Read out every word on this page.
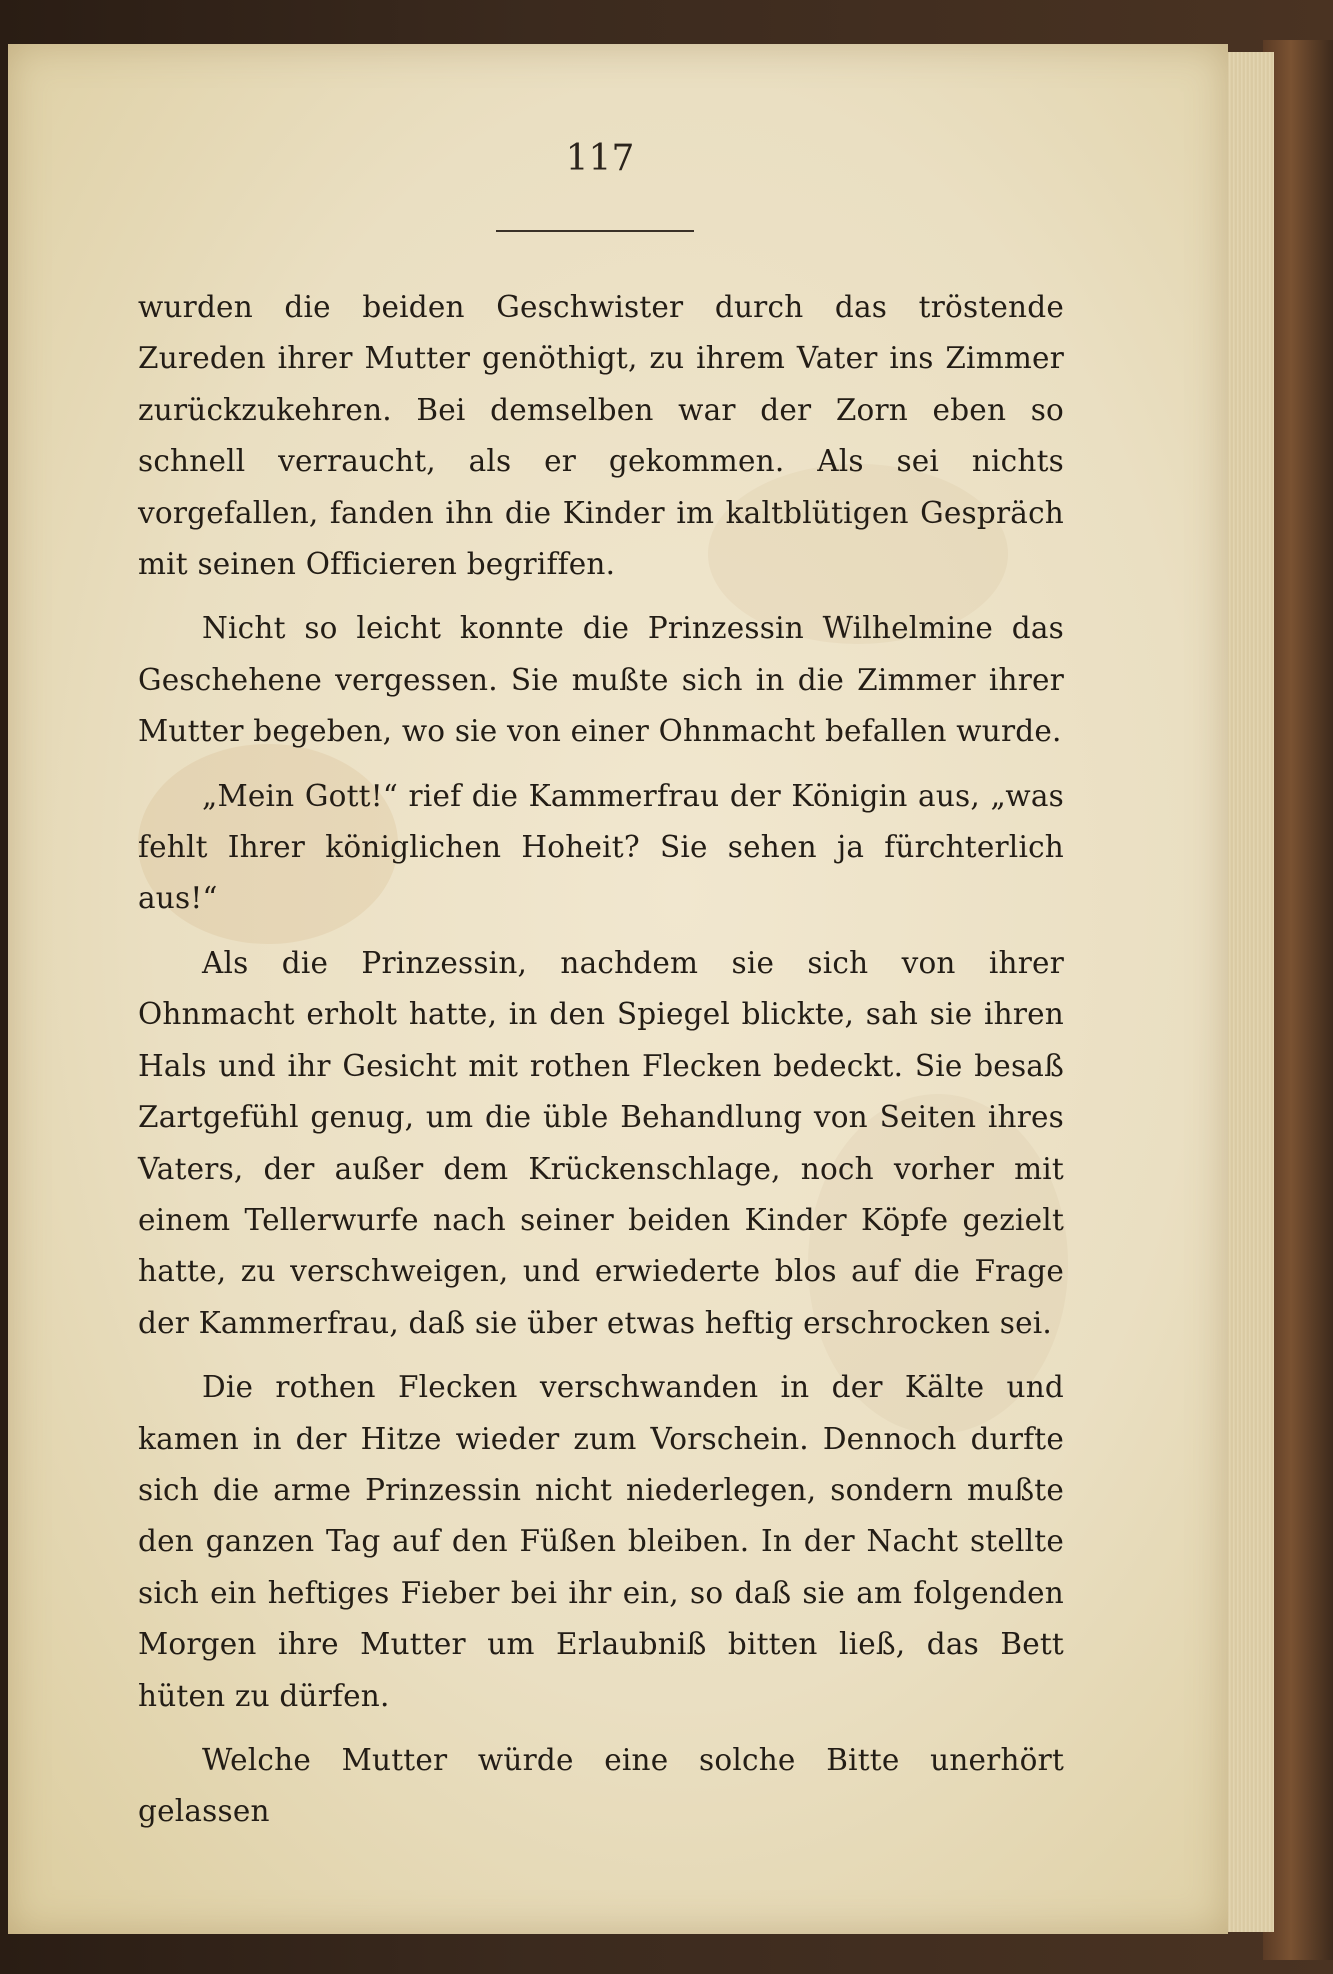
117

wurden die beiden Geschwister durch das tröstende Zureden ihrer Mutter genöthigt, zu ihrem Vater ins Zimmer zurückzukehren. Bei demselben war der Zorn eben so schnell verraucht, als er gekommen. Als sei nichts vorgefallen, fanden ihn die Kinder im kaltblütigen Gespräch mit seinen Officieren begriffen.

Nicht so leicht konnte die Prinzessin Wilhelmine das Geschehene vergessen. Sie mußte sich in die Zimmer ihrer Mutter begeben, wo sie von einer Ohnmacht befallen wurde.

„Mein Gott!“ rief die Kammerfrau der Königin aus, „was fehlt Ihrer königlichen Hoheit? Sie sehen ja fürchterlich aus!“

Als die Prinzessin, nachdem sie sich von ihrer Ohnmacht erholt hatte, in den Spiegel blickte, sah sie ihren Hals und ihr Gesicht mit rothen Flecken bedeckt. Sie besaß Zartgefühl genug, um die üble Behandlung von Seiten ihres Vaters, der außer dem Krückenschlage, noch vorher mit einem Tellerwurfe nach seiner beiden Kinder Köpfe gezielt hatte, zu verschweigen, und erwiederte blos auf die Frage der Kammerfrau, daß sie über etwas heftig erschrocken sei.

Die rothen Flecken verschwanden in der Kälte und kamen in der Hitze wieder zum Vorschein. Dennoch durfte sich die arme Prinzessin nicht niederlegen, sondern mußte den ganzen Tag auf den Füßen bleiben. In der Nacht stellte sich ein heftiges Fieber bei ihr ein, so daß sie am folgenden Morgen ihre Mutter um Erlaubniß bitten ließ, das Bett hüten zu dürfen.

Welche Mutter würde eine solche Bitte unerhört gelassen
